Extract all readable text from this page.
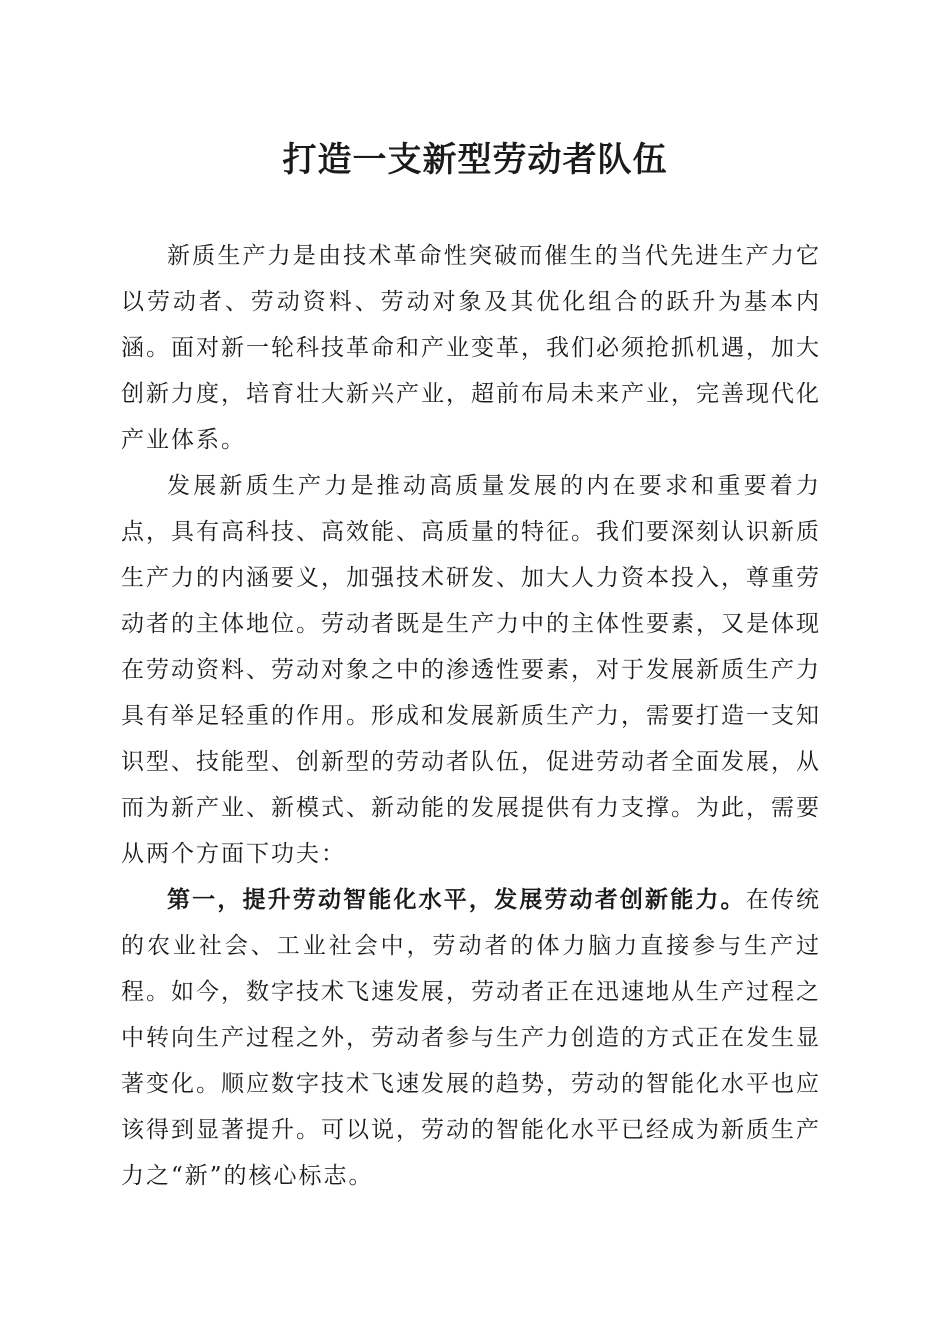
打造一支新型劳动者队伍

新质生产力是由技术革命性突破而催生的当代先进生产力它以劳动者、劳动资料、劳动对象及其优化组合的跃升为基本内涵。面对新一轮科技革命和产业变革，我们必须抢抓机遇，加大创新力度，培育壮大新兴产业，超前布局未来产业，完善现代化产业体系。

发展新质生产力是推动高质量发展的内在要求和重要着力点，具有高科技、高效能、高质量的特征。我们要深刻认识新质生产力的内涵要义，加强技术研发、加大人力资本投入，尊重劳动者的主体地位。劳动者既是生产力中的主体性要素，又是体现在劳动资料、劳动对象之中的渗透性要素，对于发展新质生产力具有举足轻重的作用。形成和发展新质生产力，需要打造一支知识型、技能型、创新型的劳动者队伍，促进劳动者全面发展，从而为新产业、新模式、新动能的发展提供有力支撑。为此，需要从两个方面下功夫：

第一，提升劳动智能化水平，发展劳动者创新能力。在传统的农业社会、工业社会中，劳动者的体力脑力直接参与生产过程。如今，数字技术飞速发展，劳动者正在迅速地从生产过程之中转向生产过程之外，劳动者参与生产力创造的方式正在发生显著变化。顺应数字技术飞速发展的趋势，劳动的智能化水平也应该得到显著提升。可以说，劳动的智能化水平已经成为新质生产力之“新”的核心标志。
